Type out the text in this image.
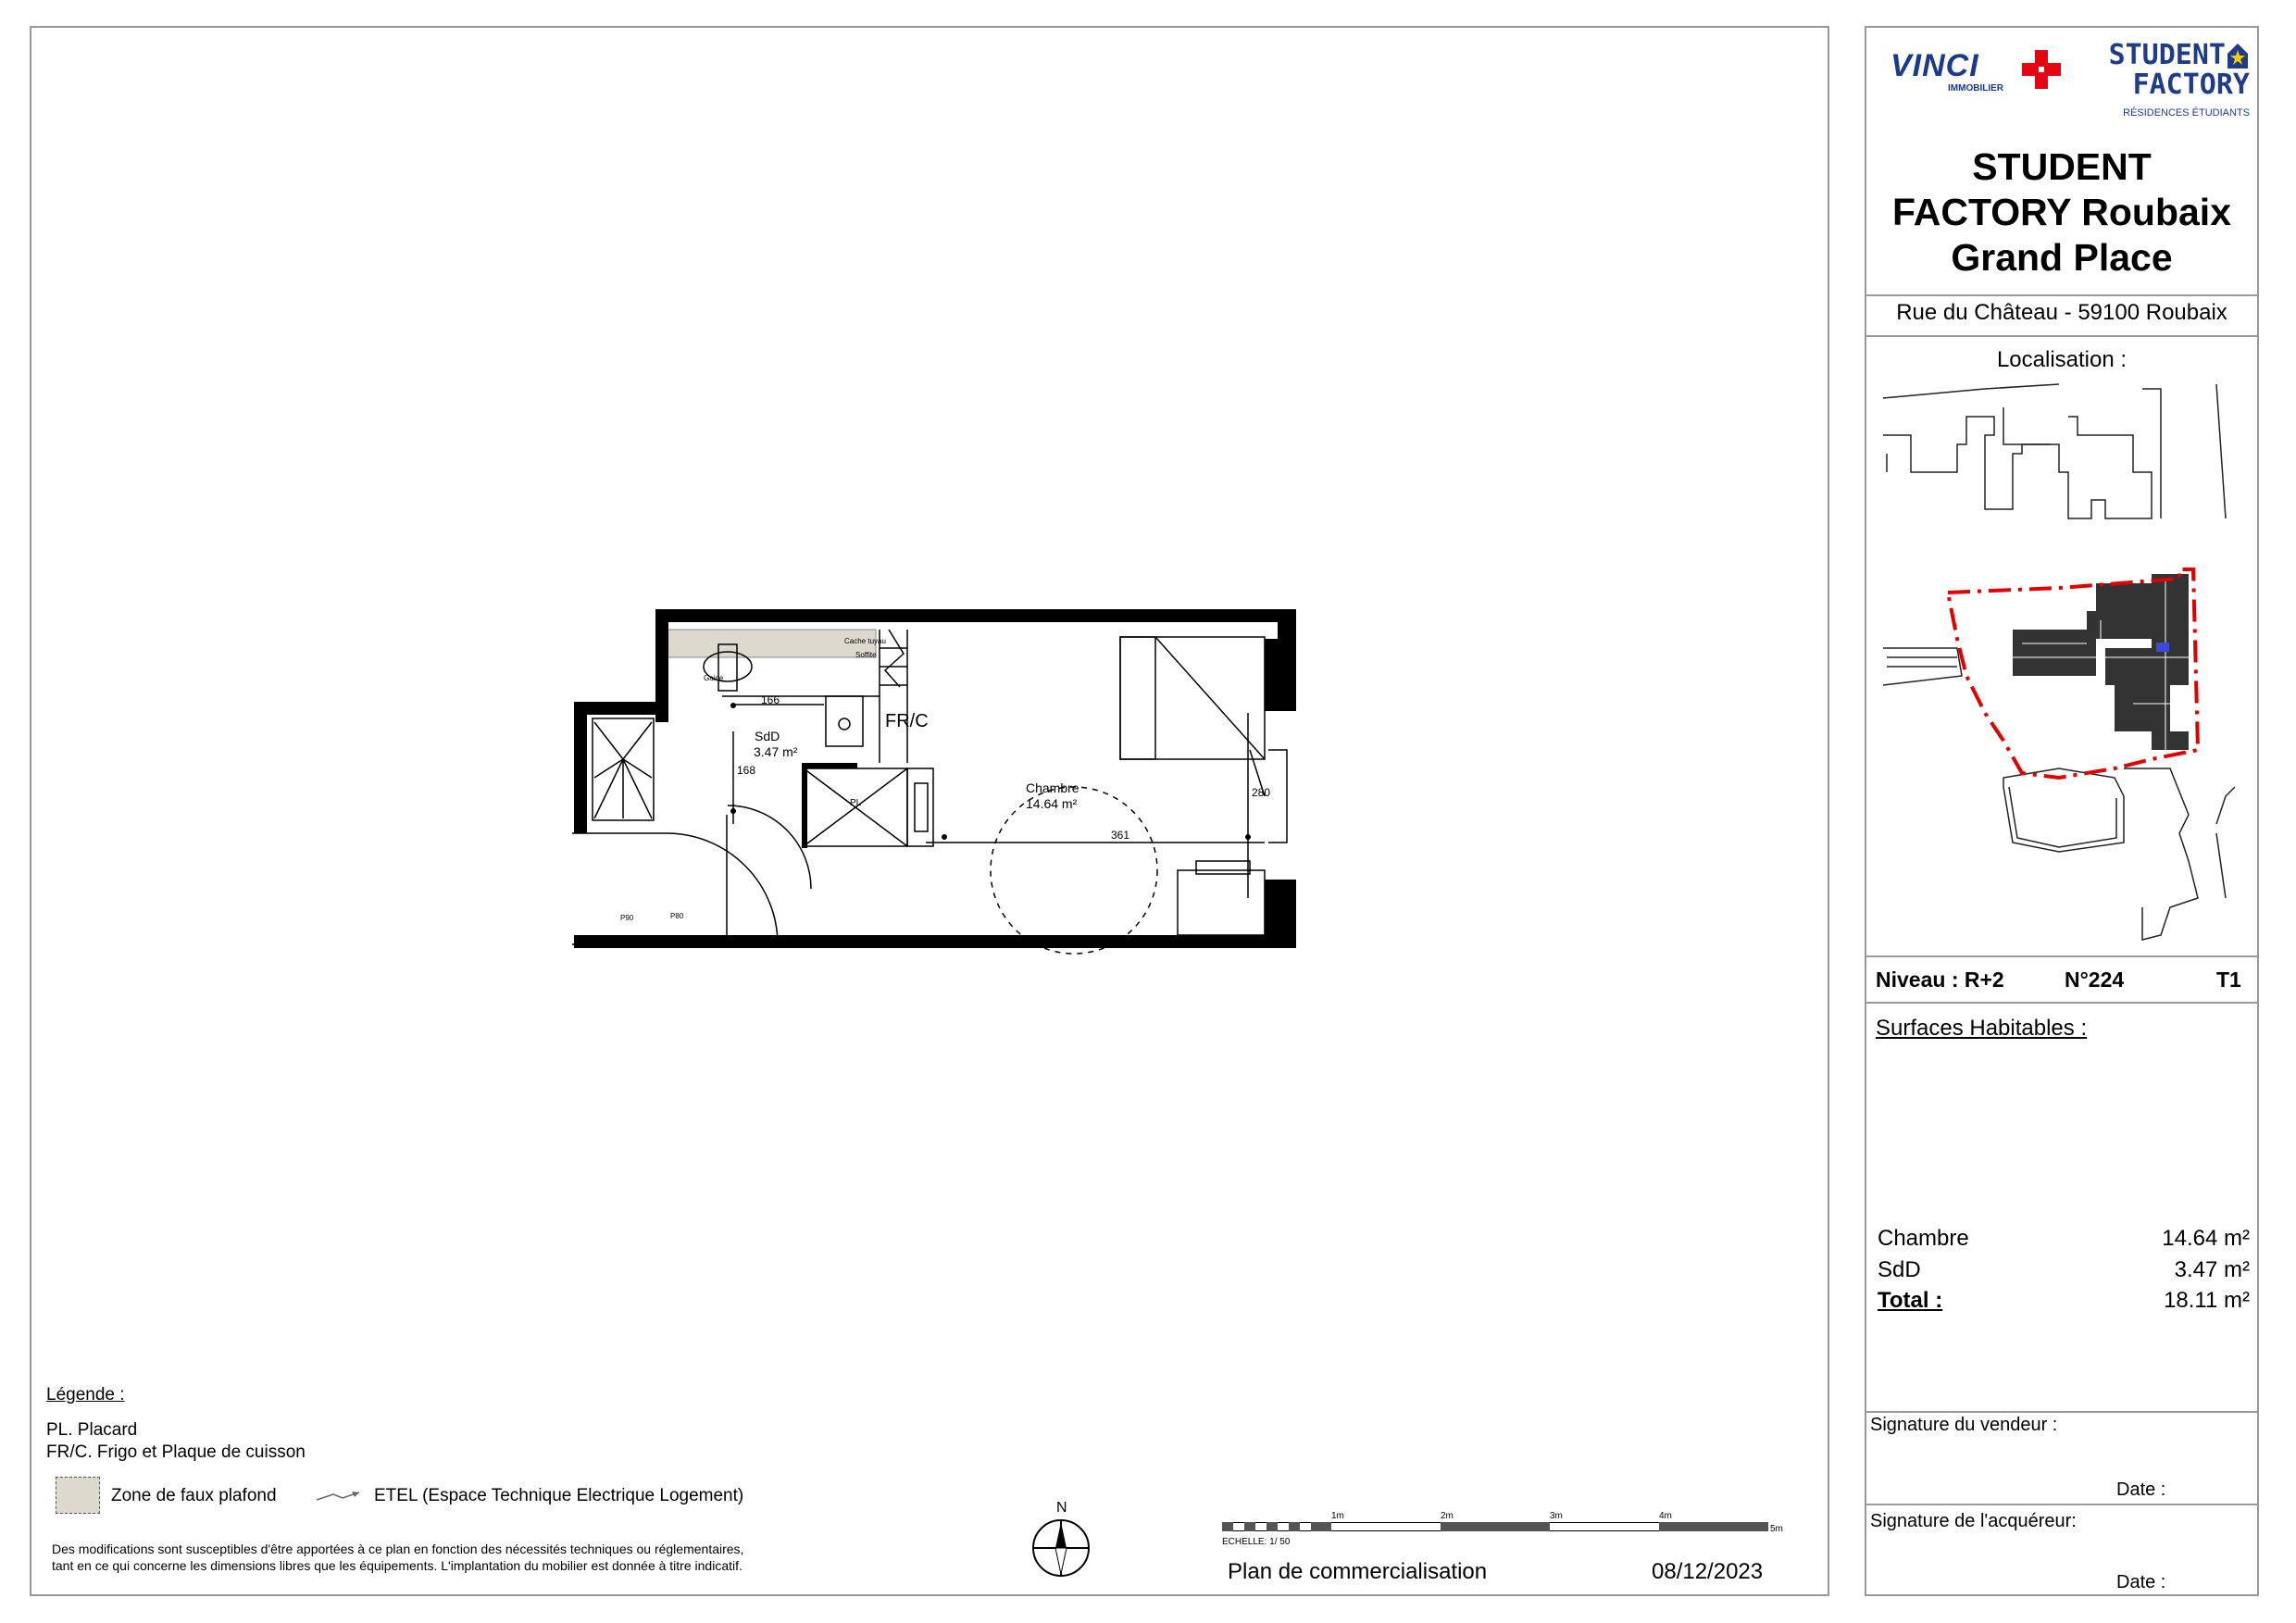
VINCI
IMMOBILIER
STUDENT
FACTORY
RÉSIDENCES ÉTUDIANTS
STUDENT
FACTORY Roubaix
Grand Place
Rue du Château - 59100 Roubaix
Localisation :
Niveau : R+2	N°224	T1
Surfaces Habitables :
Chambre	14.64 m²
SdD	3.47 m²
Total :	18.11 m²
Signature du vendeur :
Date :
Signature de l'acquéreur:
Date :
166
168
280
361
Cache tuyau
Soffite
Gaine
P80
P90
PL
SdD
3.47 m²
FR/C
Chambre
14.64 m²
Légende :
PL. Placard
FR/C. Frigo et Plaque de cuisson
Zone de faux plafond	ETEL (Espace Technique Electrique Logement)
Des modifications sont susceptibles d'être apportées à ce plan en fonction des nécessités techniques ou réglementaires,
tant en ce qui concerne les dimensions libres que les équipements. L'implantation du mobilier est donnée à titre indicatif.
N
1m	2m	3m	4m
5m
ECHELLE: 1/ 50
Plan de commercialisation	08/12/2023
